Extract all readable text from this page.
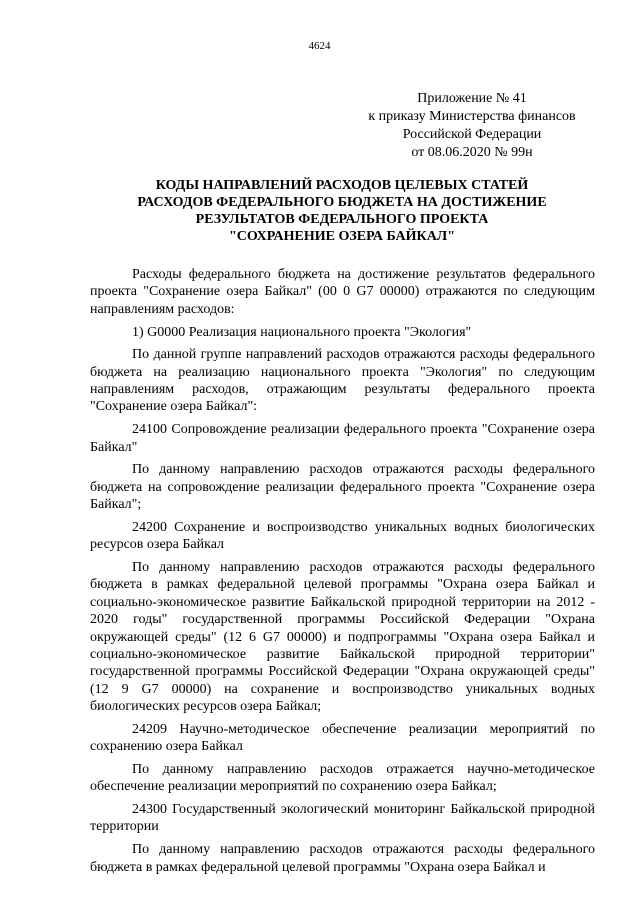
4624
Приложение № 41
к приказу Министерства финансов
Российской Федерации
от 08.06.2020 № 99н
КОДЫ НАПРАВЛЕНИЙ РАСХОДОВ ЦЕЛЕВЫХ СТАТЕЙ
РАСХОДОВ ФЕДЕРАЛЬНОГО БЮДЖЕТА НА ДОСТИЖЕНИЕ
РЕЗУЛЬТАТОВ ФЕДЕРАЛЬНОГО ПРОЕКТА
"СОХРАНЕНИЕ ОЗЕРА БАЙКАЛ"

Расходы федерального бюджета на достижение результатов федерального проекта "Сохранение озера Байкал" (00 0 G7 00000) отражаются по следующим направлениям расходов:

1) G0000 Реализация национального проекта "Экология"

По данной группе направлений расходов отражаются расходы федерального бюджета на реализацию национального проекта "Экология" по следующим направлениям расходов, отражающим результаты федерального проекта "Сохранение озера Байкал":

24100 Сопровождение реализации федерального проекта "Сохранение озера Байкал"

По данному направлению расходов отражаются расходы федерального бюджета на сопровождение реализации федерального проекта "Сохранение озера Байкал";

24200 Сохранение и воспроизводство уникальных водных биологических ресурсов озера Байкал

По данному направлению расходов отражаются расходы федерального бюджета в рамках федеральной целевой программы "Охрана озера Байкал и социально-экономическое развитие Байкальской природной территории на 2012 - 2020 годы" государственной программы Российской Федерации "Охрана окружающей среды" (12 6 G7 00000) и подпрограммы "Охрана озера Байкал и социально-экономическое развитие Байкальской природной территории" государственной программы Российской Федерации "Охрана окружающей среды" (12 9 G7 00000) на сохранение и воспроизводство уникальных водных биологических ресурсов озера Байкал;

24209 Научно-методическое обеспечение реализации мероприятий по сохранению озера Байкал

По данному направлению расходов отражается научно-методическое обеспечение реализации мероприятий по сохранению озера Байкал;

24300 Государственный экологический мониторинг Байкальской природной территории

По данному направлению расходов отражаются расходы федерального бюджета в рамках федеральной целевой программы "Охрана озера Байкал и
